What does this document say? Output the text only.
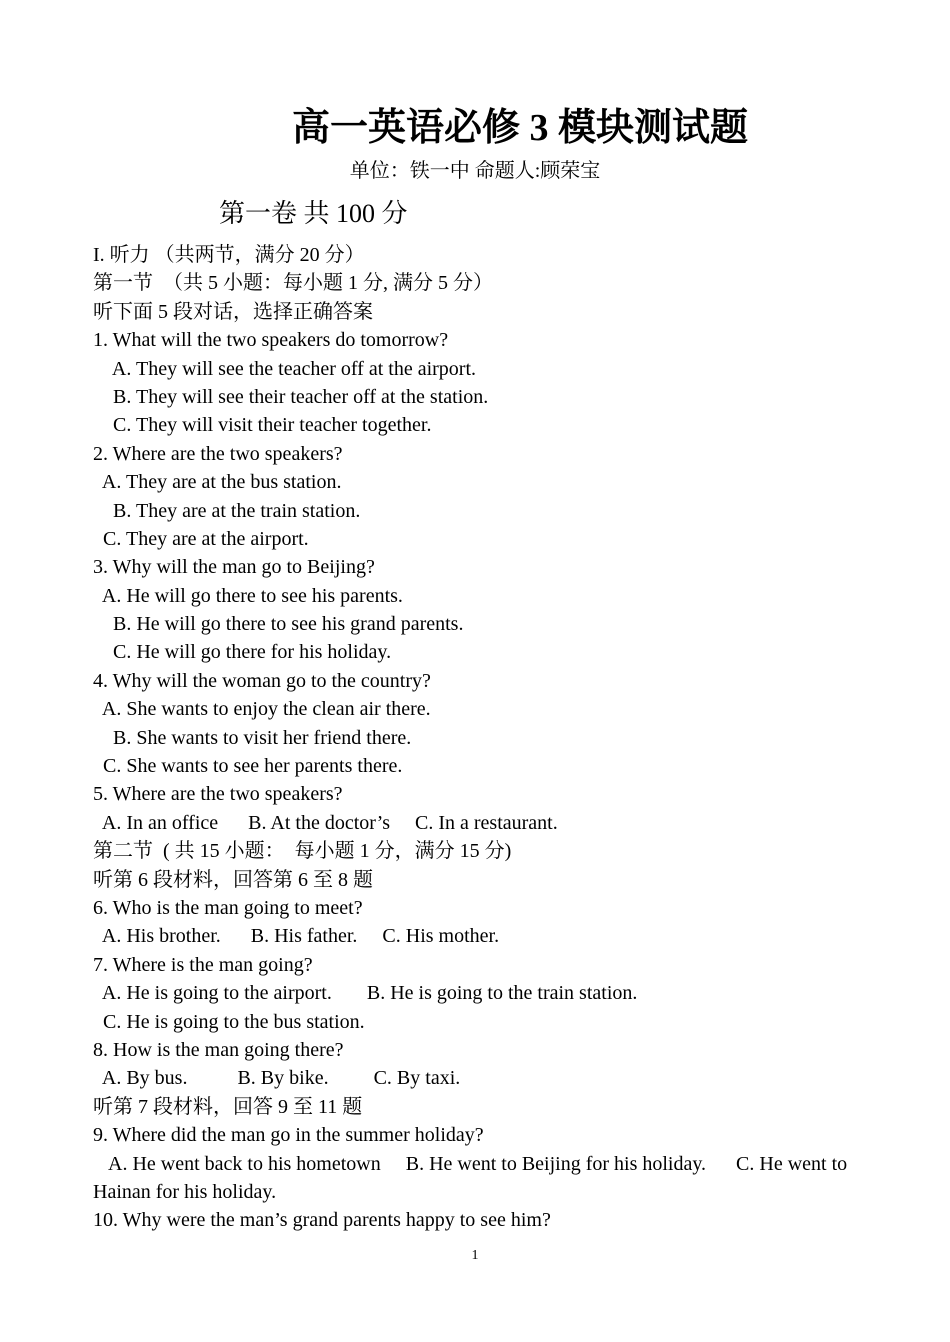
高一英语必修 3 模块测试题
单位：铁一中 命题人:顾荣宝
第一卷 共 100 分
I. 听力 （共两节，满分 20 分）
第一节  （共 5 小题：每小题 1 分, 满分 5 分）
听下面 5 段对话，选择正确答案
1. What will the two speakers do tomorrow?
A. They will see the teacher off at the airport.
B. They will see their teacher off at the station.
C. They will visit their teacher together.
2. Where are the two speakers?
A. They are at the bus station.
B. They are at the train station.
C. They are at the airport.
3. Why will the man go to Beijing?
A. He will go there to see his parents.
B. He will go there to see his grand parents.
C. He will go there for his holiday.
4. Why will the woman go to the country?
A. She wants to enjoy the clean air there.
B. She wants to visit her friend there.
C. She wants to see her parents there.
5. Where are the two speakers?
A. In an office      B. At the doctor’s     C. In a restaurant.
第二节  ( 共 15 小题：  每小题 1 分，满分 15 分)
听第 6 段材料，回答第 6 至 8 题
6. Who is the man going to meet?
A. His brother.      B. His father.     C. His mother.
7. Where is the man going?
A. He is going to the airport.       B. He is going to the train station.
C. He is going to the bus station.
8. How is the man going there?
A. By bus.          B. By bike.         C. By taxi.
听第 7 段材料，回答 9 至 11 题
9. Where did the man go in the summer holiday?
A. He went back to his hometown     B. He went to Beijing for his holiday.      C. He went to Hainan for his holiday.
10. Why were the man’s grand parents happy to see him?
1
